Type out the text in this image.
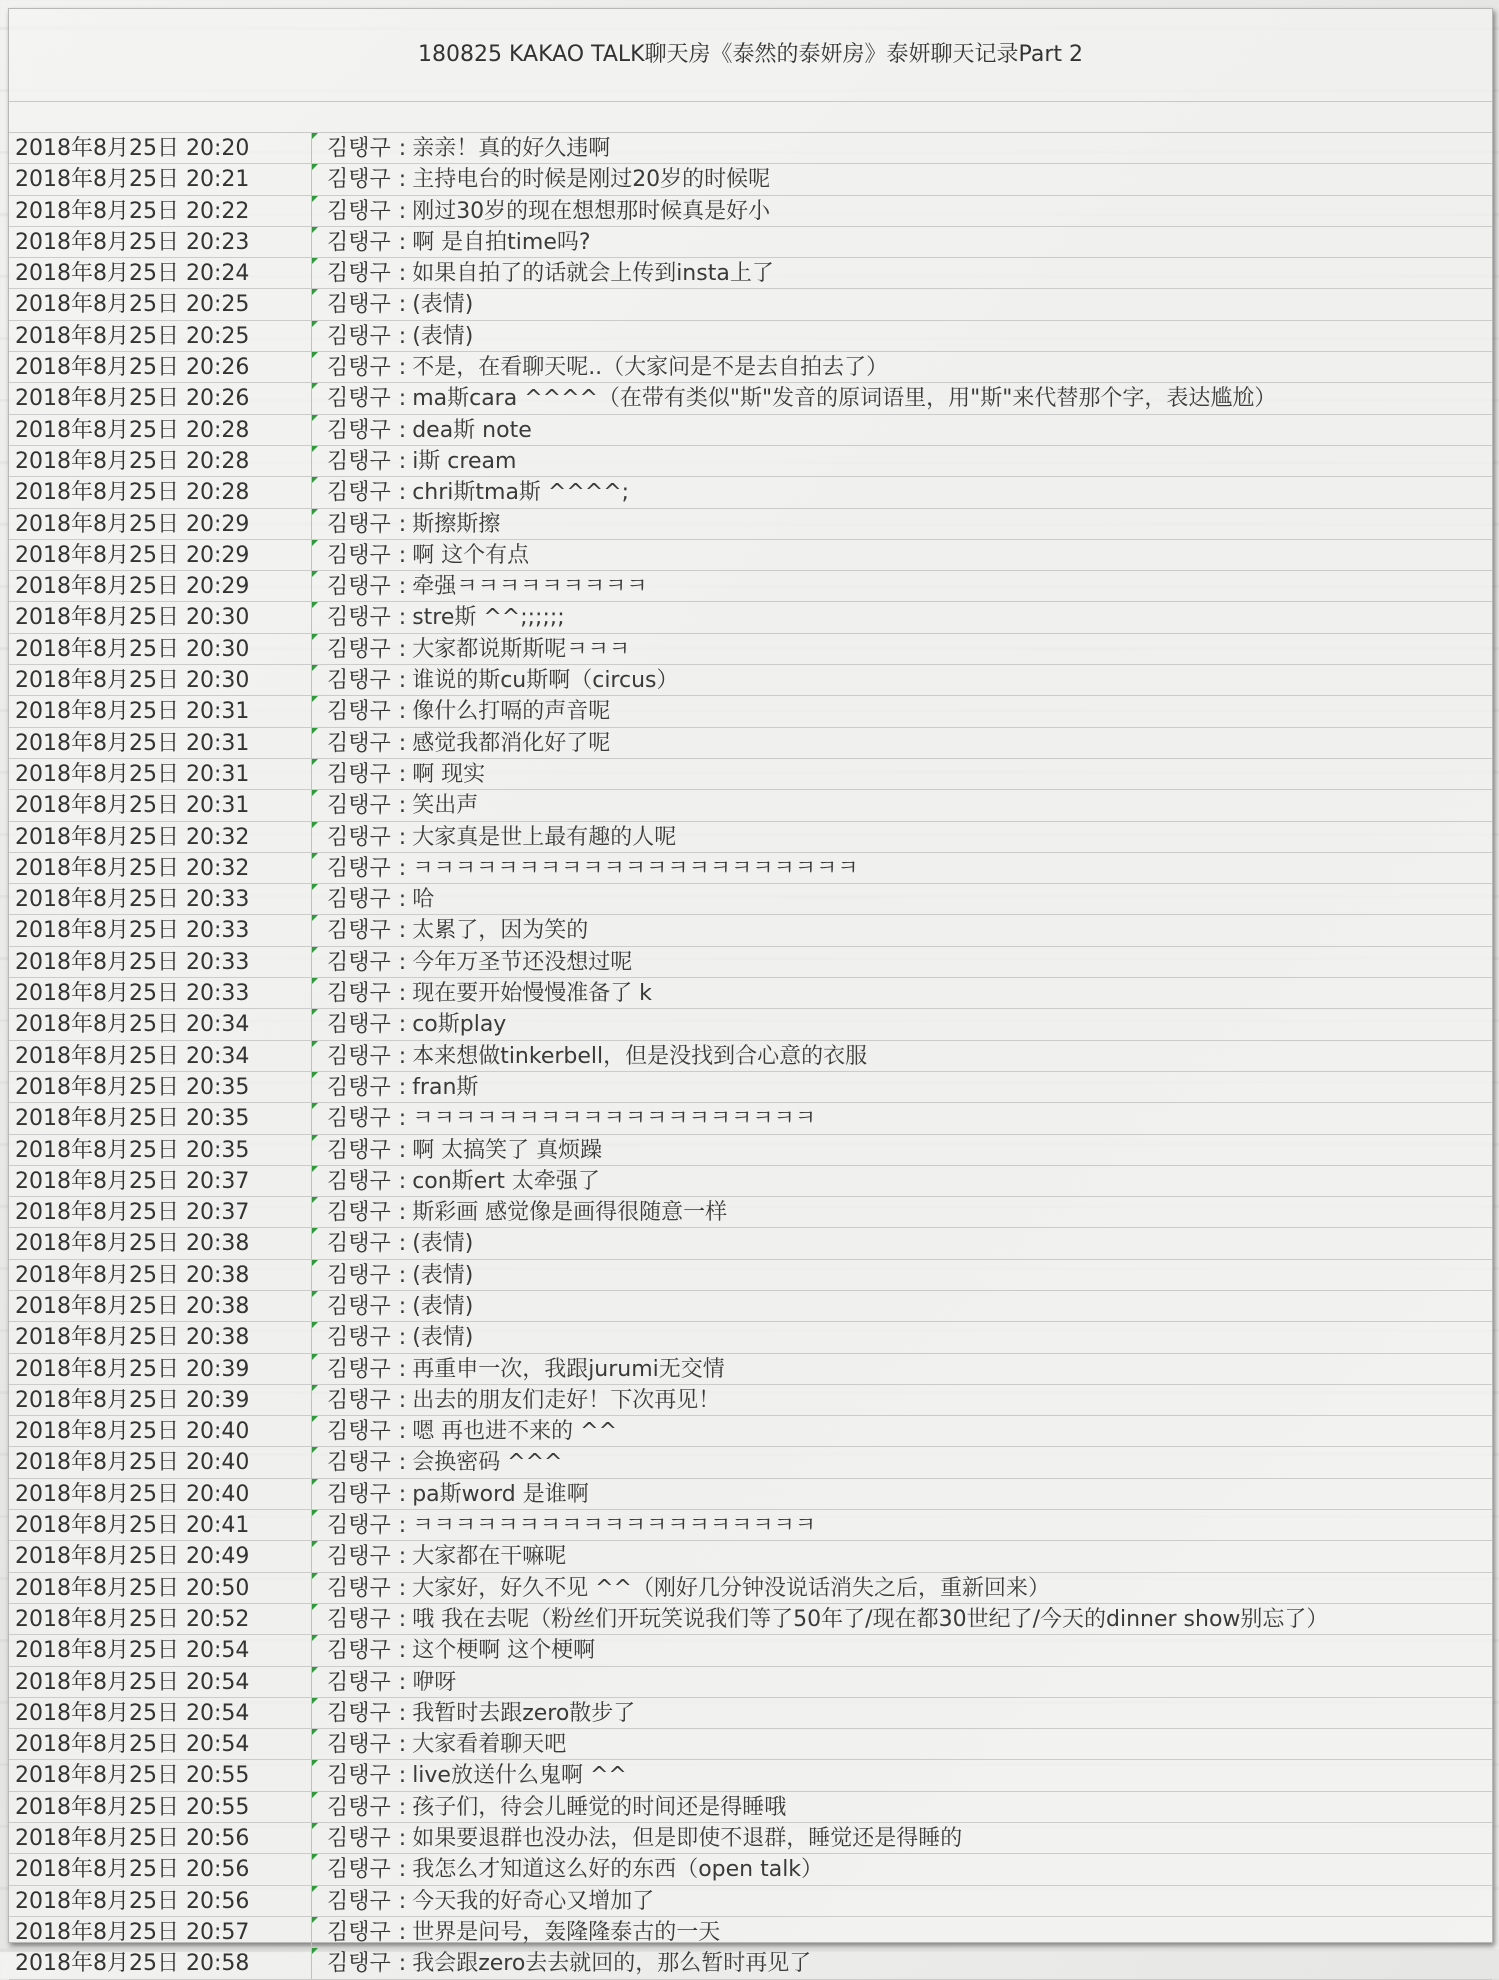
180825 KAKAO TALK聊天房《泰然的泰妍房》泰妍聊天记录Part 2
2018年8月25日 20:20	김탱구 : 亲亲！真的好久违啊
2018年8月25日 20:21	김탱구 : 主持电台的时候是刚过20岁的时候呢
2018年8月25日 20:22	김탱구 : 刚过30岁的现在想想那时候真是好小
2018年8月25日 20:23	김탱구 : 啊 是自拍time吗?
2018年8月25日 20:24	김탱구 : 如果自拍了的话就会上传到insta上了
2018年8月25日 20:25	김탱구 : (表情)
2018年8月25日 20:25	김탱구 : (表情)
2018年8月25日 20:26	김탱구 : 不是，在看聊天呢..（大家问是不是去自拍去了）
2018年8月25日 20:26	김탱구 : ma斯cara ^^^^（在带有类似"斯"发音的原词语里，用"斯"来代替那个字，表达尴尬）
2018年8月25日 20:28	김탱구 : dea斯 note
2018年8月25日 20:28	김탱구 : i斯 cream
2018年8月25日 20:28	김탱구 : chri斯tma斯 ^^^^;
2018年8月25日 20:29	김탱구 : 斯擦斯擦
2018年8月25日 20:29	김탱구 : 啊 这个有点
2018年8月25日 20:29	김탱구 : 牵强ㅋㅋㅋㅋㅋㅋㅋㅋㅋ
2018年8月25日 20:30	김탱구 : stre斯 ^^;;;;;;
2018年8月25日 20:30	김탱구 : 大家都说斯斯呢ㅋㅋㅋ
2018年8月25日 20:30	김탱구 : 谁说的斯cu斯啊（circus）
2018年8月25日 20:31	김탱구 : 像什么打嗝的声音呢
2018年8月25日 20:31	김탱구 : 感觉我都消化好了呢
2018年8月25日 20:31	김탱구 : 啊 现实
2018年8月25日 20:31	김탱구 : 笑出声
2018年8月25日 20:32	김탱구 : 大家真是世上最有趣的人呢
2018年8月25日 20:32	김탱구 : ㅋㅋㅋㅋㅋㅋㅋㅋㅋㅋㅋㅋㅋㅋㅋㅋㅋㅋㅋㅋㅋ
2018年8月25日 20:33	김탱구 : 哈
2018年8月25日 20:33	김탱구 : 太累了，因为笑的
2018年8月25日 20:33	김탱구 : 今年万圣节还没想过呢
2018年8月25日 20:33	김탱구 : 现在要开始慢慢准备了 k
2018年8月25日 20:34	김탱구 : co斯play
2018年8月25日 20:34	김탱구 : 本来想做tinkerbell，但是没找到合心意的衣服
2018年8月25日 20:35	김탱구 : fran斯
2018年8月25日 20:35	김탱구 : ㅋㅋㅋㅋㅋㅋㅋㅋㅋㅋㅋㅋㅋㅋㅋㅋㅋㅋㅋ
2018年8月25日 20:35	김탱구 : 啊 太搞笑了 真烦躁
2018年8月25日 20:37	김탱구 : con斯ert 太牵强了
2018年8月25日 20:37	김탱구 : 斯彩画 感觉像是画得很随意一样
2018年8月25日 20:38	김탱구 : (表情)
2018年8月25日 20:38	김탱구 : (表情)
2018年8月25日 20:38	김탱구 : (表情)
2018年8月25日 20:38	김탱구 : (表情)
2018年8月25日 20:39	김탱구 : 再重申一次，我跟jurumi无交情
2018年8月25日 20:39	김탱구 : 出去的朋友们走好！下次再见！
2018年8月25日 20:40	김탱구 : 嗯 再也进不来的 ^^
2018年8月25日 20:40	김탱구 : 会换密码 ^^^
2018年8月25日 20:40	김탱구 : pa斯word 是谁啊
2018年8月25日 20:41	김탱구 : ㅋㅋㅋㅋㅋㅋㅋㅋㅋㅋㅋㅋㅋㅋㅋㅋㅋㅋㅋ
2018年8月25日 20:49	김탱구 : 大家都在干嘛呢
2018年8月25日 20:50	김탱구 : 大家好，好久不见 ^^（刚好几分钟没说话消失之后，重新回来）
2018年8月25日 20:52	김탱구 : 哦 我在去呢（粉丝们开玩笑说我们等了50年了/现在都30世纪了/今天的dinner show别忘了）
2018年8月25日 20:54	김탱구 : 这个梗啊 这个梗啊
2018年8月25日 20:54	김탱구 : 咿呀
2018年8月25日 20:54	김탱구 : 我暂时去跟zero散步了
2018年8月25日 20:54	김탱구 : 大家看着聊天吧
2018年8月25日 20:55	김탱구 : live放送什么鬼啊 ^^
2018年8月25日 20:55	김탱구 : 孩子们，待会儿睡觉的时间还是得睡哦
2018年8月25日 20:56	김탱구 : 如果要退群也没办法，但是即使不退群，睡觉还是得睡的
2018年8月25日 20:56	김탱구 : 我怎么才知道这么好的东西（open talk）
2018年8月25日 20:56	김탱구 : 今天我的好奇心又增加了
2018年8月25日 20:57	김탱구 : 世界是问号，轰隆隆泰古的一天
2018年8月25日 20:58	김탱구 : 我会跟zero去去就回的，那么暂时再见了
